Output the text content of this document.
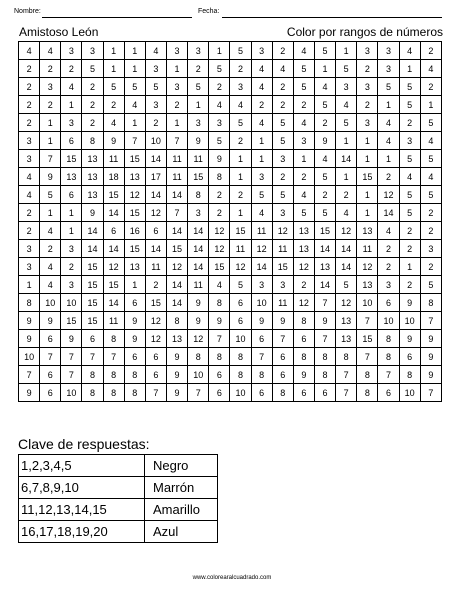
Nombre:	Fecha:
Amistoso León	Color por rangos de números
4	4	3	3	1	1	4	3	3	1	5	3	2	4	5	1	3	3	4	2
2	2	2	5	1	1	3	1	2	5	2	4	4	5	1	5	2	3	1	4
2	3	4	2	5	5	5	3	5	2	3	4	2	5	4	3	3	5	5	2
2	2	1	2	2	4	3	2	1	4	4	2	2	2	5	4	2	1	5	1
2	1	3	2	4	1	2	1	3	3	5	4	5	4	2	5	3	4	2	5
3	1	6	8	9	7	10	7	9	5	2	1	5	3	9	1	1	4	3	4
3	7	15	13	11	15	14	11	11	9	1	1	3	1	4	14	1	1	5	5
4	9	13	13	18	13	17	11	15	8	1	3	2	2	5	1	15	2	4	4
4	5	6	13	15	12	14	14	8	2	2	5	5	4	2	2	1	12	5	5
2	1	1	9	14	15	12	7	3	2	1	4	3	5	5	4	1	14	5	2
2	4	1	14	6	16	6	14	14	12	15	11	12	13	15	12	13	4	2	2
3	2	3	14	14	15	14	15	14	12	11	12	11	13	14	14	11	2	2	3
3	4	2	15	12	13	11	12	14	15	12	14	15	12	13	14	12	2	1	2
1	4	3	15	15	1	2	14	11	4	5	3	3	2	14	5	13	3	2	5
8	10	10	15	14	6	15	14	9	8	6	10	11	12	7	12	10	6	9	8
9	9	15	15	11	9	12	8	9	9	6	9	9	8	9	13	7	10	10	7
9	6	9	6	8	9	12	13	12	7	10	6	7	6	7	13	15	8	9	9
10	7	7	7	7	6	6	9	8	8	8	7	6	8	8	8	7	8	6	9
7	6	7	8	8	8	6	9	10	6	8	8	6	9	8	7	8	7	8	9
9	6	10	8	8	8	7	9	7	6	10	6	8	6	6	7	8	6	10	7
Clave de respuestas:
1,2,3,4,5	Negro
6,7,8,9,10	Marrón
11,12,13,14,15	Amarillo
16,17,18,19,20	Azul
www.colorearalcuadrado.com
